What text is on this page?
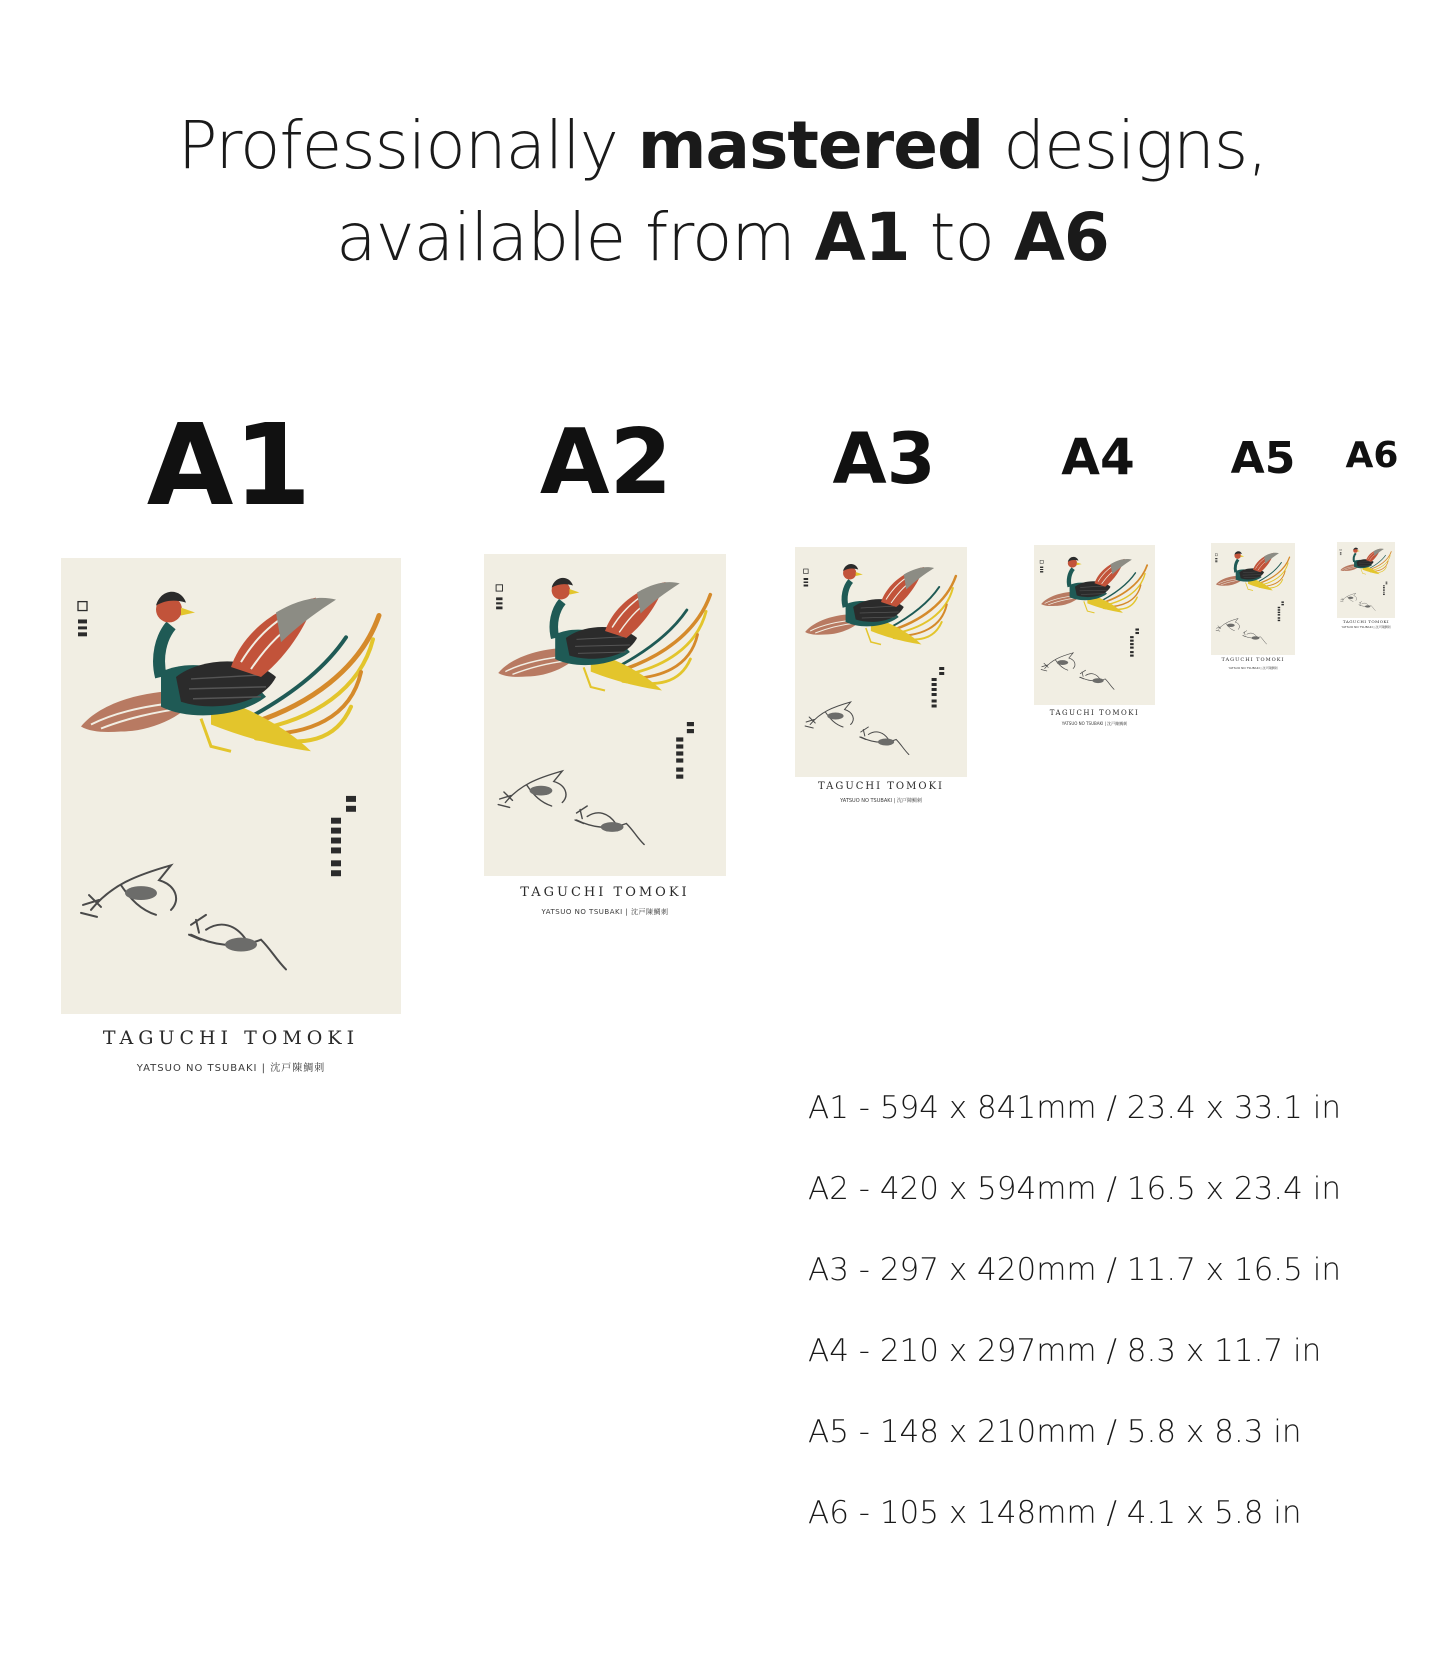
Professionally mastered designs,
available from A1 to A6
A1	A2 A3	A4 A5 A6
TAGUCHI TOMOKI
YATSUO NO TSUBAKI | 沈戸陳鯛刺
TAGUCHI TOMOKI
YATSUO NO TSUBAKI | 沈戸陳鯛刺
TAGUCHI TOMOKI
YATSUO NO TSUBAKI | 沈戸陳鯛刺
TAGUCHI TOMOKI
YATSUO NO TSUBAKI | 沈戸陳鯛刺
TAGUCHI TOMOKI
YATSUO NO TSUBAKI | 沈戸陳鯛刺
TAGUCHI TOMOKI
YATSUO NO TSUBAKI | 沈戸陳鯛刺
A1 - 594 x 841mm / 23.4 x 33.1 in
A2 - 420 x 594mm / 16.5 x 23.4 in
A3 - 297 x 420mm / 11.7 x 16.5 in
A4 - 210 x 297mm / 8.3 x 11.7 in
A5 - 148 x 210mm / 5.8 x 8.3 in
A6 - 105 x 148mm / 4.1 x 5.8 in
